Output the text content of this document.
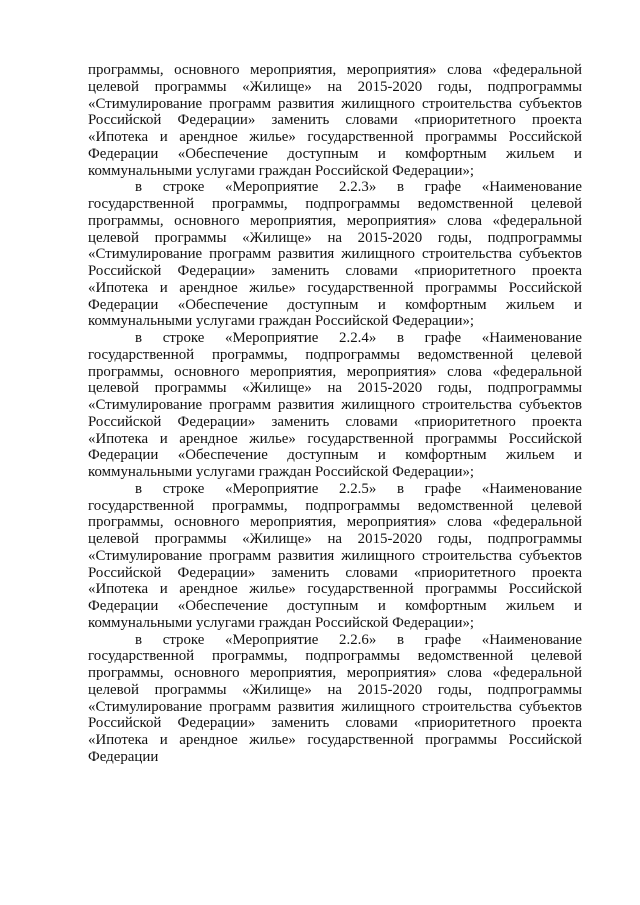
программы, основного мероприятия, мероприятия» слова «федеральной целевой программы «Жилище» на 2015-2020 годы, подпрограммы «Стимулирование программ развития жилищного строительства субъектов Российской Федерации» заменить словами «приоритетного проекта «Ипотека и арендное жилье» государственной программы Российской Федерации «Обеспечение доступным и комфортным жильем и коммунальными услугами граждан Российской Федерации»;

в строке «Мероприятие 2.2.3» в графе «Наименование государственной программы, подпрограммы ведомственной целевой программы, основного мероприятия, мероприятия» слова «федеральной целевой программы «Жилище» на 2015-2020 годы, подпрограммы «Стимулирование программ развития жилищного строительства субъектов Российской Федерации» заменить словами «приоритетного проекта «Ипотека и арендное жилье» государственной программы Российской Федерации «Обеспечение доступным и комфортным жильем и коммунальными услугами граждан Российской Федерации»;

в строке «Мероприятие 2.2.4» в графе «Наименование государственной программы, подпрограммы ведомственной целевой программы, основного мероприятия, мероприятия» слова «федеральной целевой программы «Жилище» на 2015-2020 годы, подпрограммы «Стимулирование программ развития жилищного строительства субъектов Российской Федерации» заменить словами «приоритетного проекта «Ипотека и арендное жилье» государственной программы Российской Федерации «Обеспечение доступным и комфортным жильем и коммунальными услугами граждан Российской Федерации»;

в строке «Мероприятие 2.2.5» в графе «Наименование государственной программы, подпрограммы ведомственной целевой программы, основного мероприятия, мероприятия» слова «федеральной целевой программы «Жилище» на 2015-2020 годы, подпрограммы «Стимулирование программ развития жилищного строительства субъектов Российской Федерации» заменить словами «приоритетного проекта «Ипотека и арендное жилье» государственной программы Российской Федерации «Обеспечение доступным и комфортным жильем и коммунальными услугами граждан Российской Федерации»;

в строке «Мероприятие 2.2.6» в графе «Наименование государственной программы, подпрограммы ведомственной целевой программы, основного мероприятия, мероприятия» слова «федеральной целевой программы «Жилище» на 2015-2020 годы, подпрограммы «Стимулирование программ развития жилищного строительства субъектов Российской Федерации» заменить словами «приоритетного проекта «Ипотека и арендное жилье» государственной программы Российской Федерации
